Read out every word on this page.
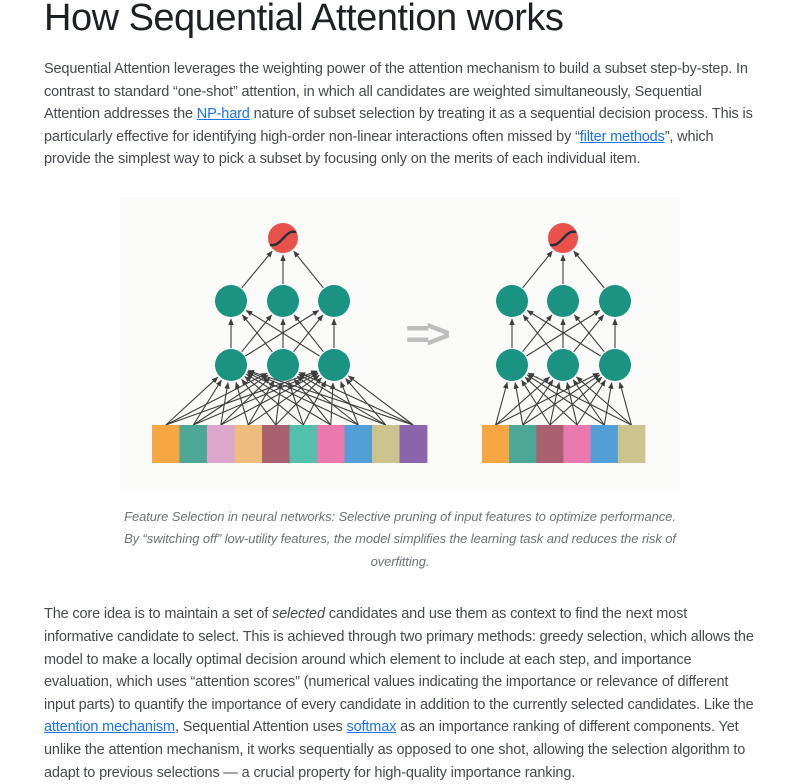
How Sequential Attention works

Sequential Attention leverages the weighting power of the attention mechanism to build a subset step-by-step. In contrast to standard “one-shot” attention, in which all candidates are weighted simultaneously, Sequential Attention addresses the NP-hard nature of subset selection by treating it as a sequential decision process. This is particularly effective for identifying high-order non-linear interactions often missed by “filter methods”, which provide the simplest way to pick a subset by focusing only on the merits of each individual item.

=>
Feature Selection in neural networks: Selective pruning of input features to optimize performance. By “switching off” low-utility features, the model simplifies the learning task and reduces the risk of overfitting.

The core idea is to maintain a set of selected candidates and use them as context to find the next most informative candidate to select. This is achieved through two primary methods: greedy selection, which allows the model to make a locally optimal decision around which element to include at each step, and importance evaluation, which uses “attention scores” (numerical values indicating the importance or relevance of different input parts) to quantify the importance of every candidate in addition to the currently selected candidates. Like the attention mechanism, Sequential Attention uses softmax as an importance ranking of different components. Yet unlike the attention mechanism, it works sequentially as opposed to one shot, allowing the selection algorithm to adapt to previous selections — a crucial property for high-quality importance ranking.
